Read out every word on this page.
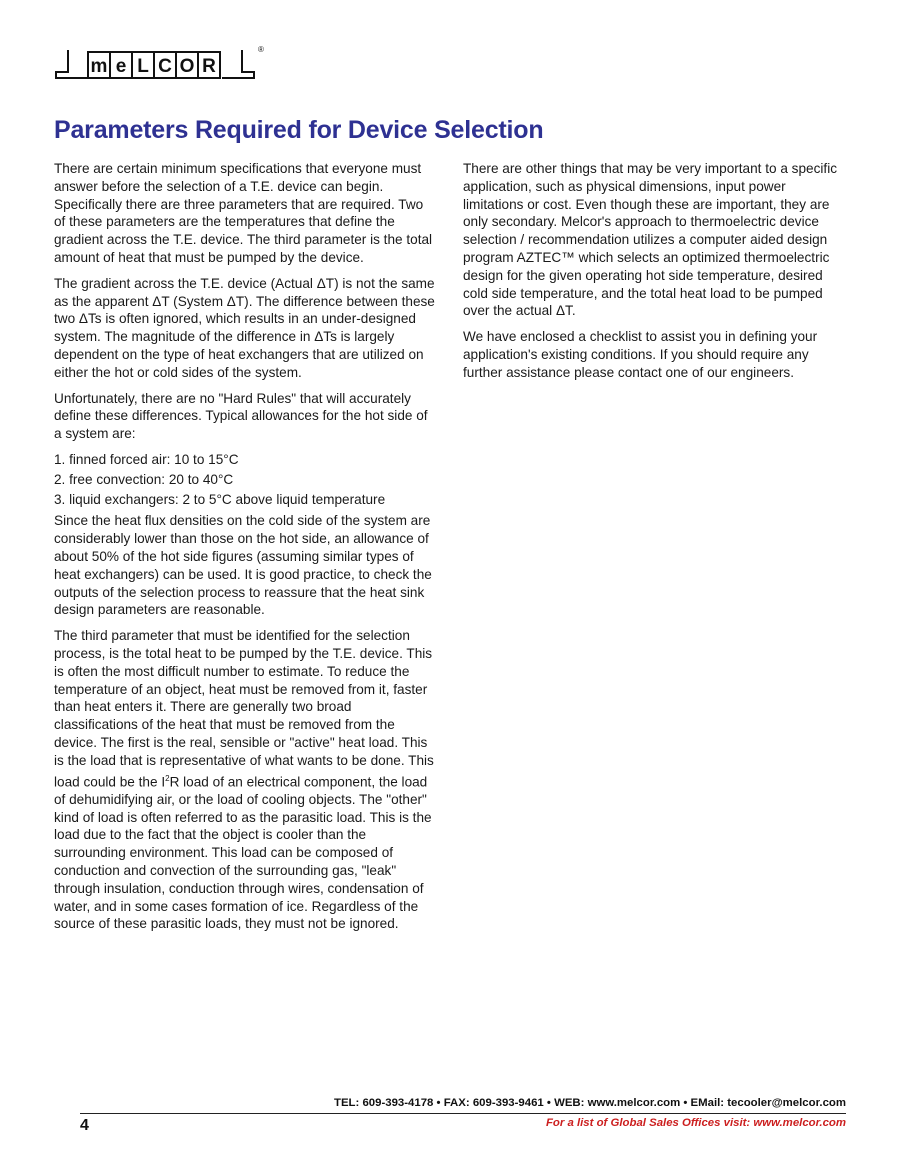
m e L C O R
®
Parameters Required for Device Selection

There are certain minimum specifications that everyone must answer before the selection of a T.E. device can begin. Specifically there are three parameters that are required. Two of these parameters are the temperatures that define the gradient across the T.E. device. The third parameter is the total amount of heat that must be pumped by the device.

The gradient across the T.E. device (Actual ΔT) is not the same as the apparent ΔT (System ΔT). The difference between these two ΔTs is often ignored, which results in an under-designed system. The magnitude of the difference in ΔTs is largely dependent on the type of heat exchangers that are utilized on either the hot or cold sides of the system.

Unfortunately, there are no "Hard Rules" that will accurately define these differences. Typical allowances for the hot side of a system are:

1. finned forced air: 10 to 15°C
2. free convection: 20 to 40°C
3. liquid exchangers: 2 to 5°C above liquid temperature

Since the heat flux densities on the cold side of the system are considerably lower than those on the hot side, an allowance of about 50% of the hot side figures (assuming similar types of heat exchangers) can be used. It is good practice, to check the outputs of the selection process to reassure that the heat sink design parameters are reasonable.

The third parameter that must be identified for the selection process, is the total heat to be pumped by the T.E. device. This is often the most difficult number to estimate. To reduce the temperature of an object, heat must be removed from it, faster than heat enters it. There are generally two broad classifications of the heat that must be removed from the device. The first is the real, sensible or "active" heat load. This is the load that is representative of what wants to be done. This load could be the $I^2R$ load of an electrical component, the load of dehumidifying air, or the load of cooling objects. The "other" kind of load is often referred to as the parasitic load. This is the load due to the fact that the object is cooler than the surrounding environment. This load can be composed of conduction and convection of the surrounding gas, "leak" through insulation, conduction through wires, condensation of water, and in some cases formation of ice. Regardless of the source of these parasitic loads, they must not be ignored.

There are other things that may be very important to a specific application, such as physical dimensions, input power limitations or cost. Even though these are important, they are only secondary. Melcor's approach to thermoelectric device selection / recommendation utilizes a computer aided design program AZTEC™ which selects an optimized thermoelectric design for the given operating hot side temperature, desired cold side temperature, and the total heat load to be pumped over the actual ΔT.

We have enclosed a checklist to assist you in defining your application's existing conditions. If you should require any further assistance please contact one of our engineers.

TEL: 609-393-4178 • FAX: 609-393-9461 • WEB: www.melcor.com • EMail: tecooler@melcor.com
4	For a list of Global Sales Offices visit: www.melcor.com
